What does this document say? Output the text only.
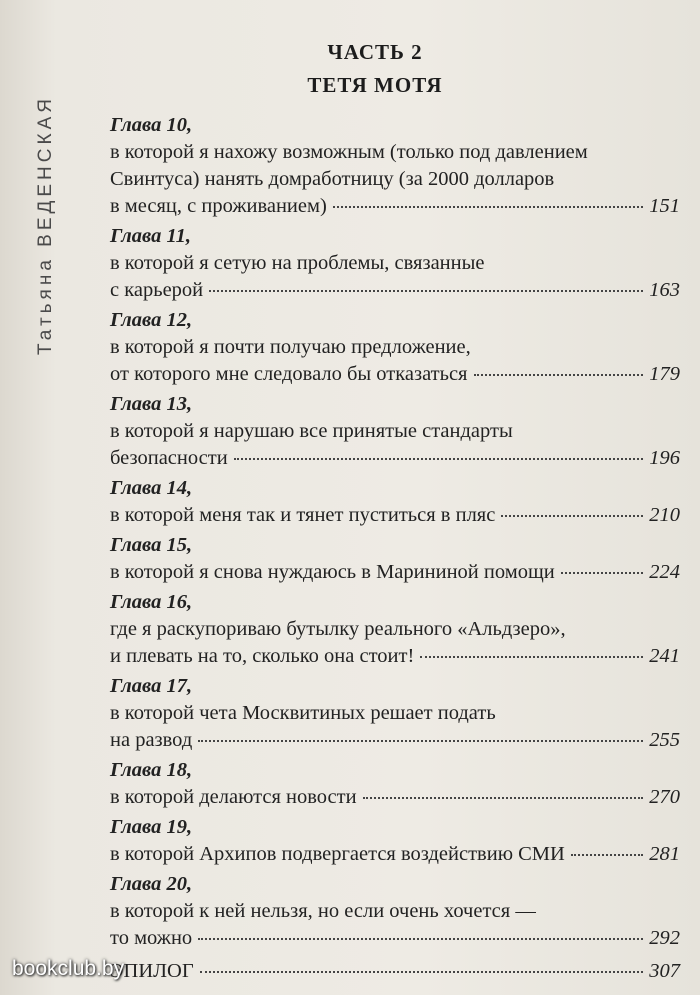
Татьяна ВЕДЕНСКАЯ
ЧАСТЬ 2
ТЕТЯ МОТЯ
Глава 10,
в которой я нахожу возможным (только под давлением
Свинтуса) нанять домработницу (за 2000 долларов
в месяц, с проживанием)	151
Глава 11,
в которой я сетую на проблемы, связанные
с карьерой	163
Глава 12,
в которой я почти получаю предложение,
от которого мне следовало бы отказаться	179
Глава 13,
в которой я нарушаю все принятые стандарты
безопасности	196
Глава 14,
в которой меня так и тянет пуститься в пляс	210
Глава 15,
в которой я снова нуждаюсь в Марининой помощи	224
Глава 16,
где я раскупориваю бутылку реального «Альдзеро»,
и плевать на то, сколько она стоит!	241
Глава 17,
в которой чета Москвитиных решает подать
на развод	255
Глава 18,
в которой делаются новости	270
Глава 19,
в которой Архипов подвергается воздействию СМИ	281
Глава 20,
в которой к ней нельзя, но если очень хочется —
то можно	292
ЭПИЛОГ	307
bookclub.by
